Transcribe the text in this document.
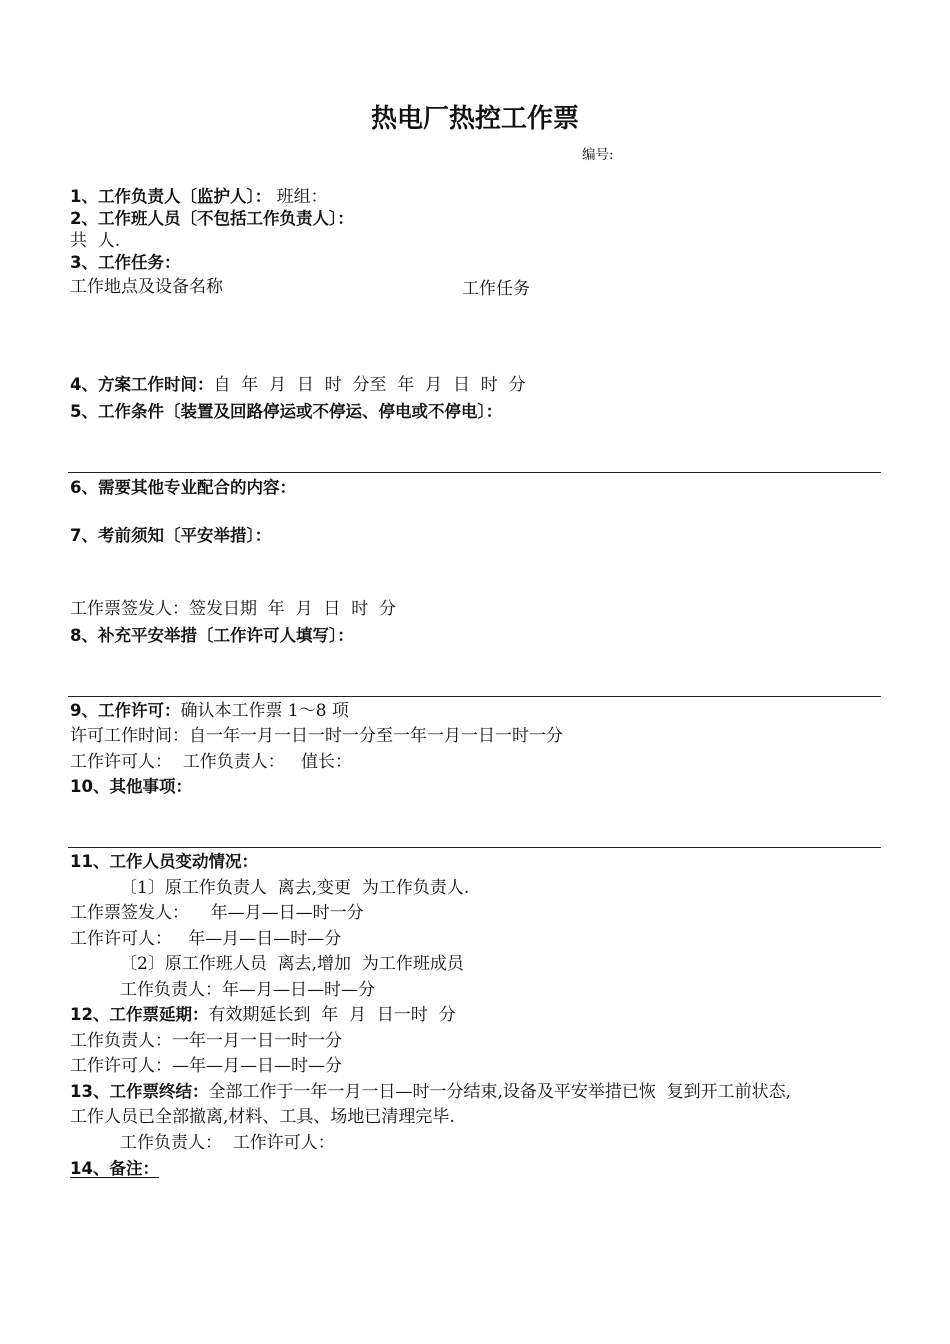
热电厂热控工作票
编号:
1、工作负责人〔监护人〕： 班组：
2、工作班人员〔不包括工作负责人〕：
共  人.
3、工作任务：
工作地点及设备名称	工作任务
4、方案工作时间：自  年  月  日  时  分至  年  月  日  时  分
5、工作条件〔装置及回路停运或不停运、停电或不停电〕：
6、需要其他专业配合的内容：
7、考前须知〔平安举措〕：
工作票签发人：签发日期  年  月  日  时  分
8、补充平安举措〔工作许可人填写〕：
9、工作许可：确认本工作票 1〜8 项
许可工作时间：自一年一月一日一时一分至一年一月一日一时一分
工作许可人：  工作负责人：   值长：
10、其他事项：
11、工作人员变动情况：
〔1〕原工作负责人  离去,变更  为工作负责人.
工作票签发人：    年—月—日—时一分
工作许可人：   年—月—日—时—分
〔2〕原工作班人员  离去,增加  为工作班成员
工作负责人：年—月—日—时—分
12、工作票延期：有效期延长到  年  月  日一时  分
工作负责人：一年一月一日一时一分
工作许可人：—年—月—日—时—分
13、工作票终结：全部工作于一年一月一日—时一分结束,设备及平安举措已恢  复到开工前状态,
工作人员已全部撤离,材料、工具、场地已清理完毕.
工作负责人：  工作许可人：
14、备注：
